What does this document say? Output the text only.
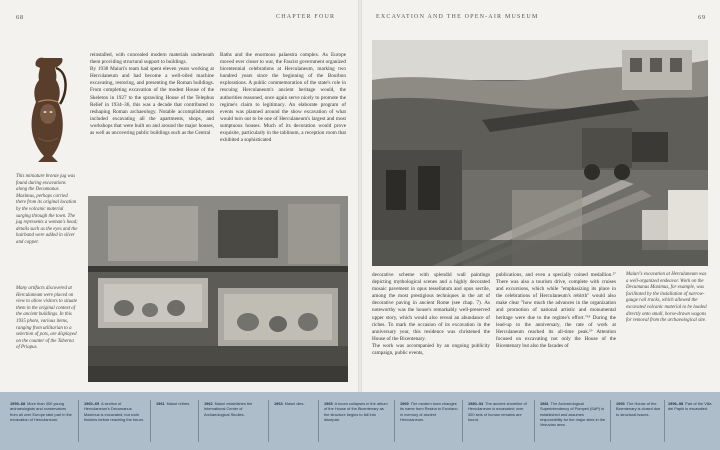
68	CHAPTER FOUR
This miniature bronze jug was found during excavations along the Decumanus Maximus, perhaps carried there from its original location by the volcanic material surging through the town. The jug represents a woman's head; details such as the eyes and the hairband were added in silver and copper.
reinstalled, with concealed modern materials underneath them providing structural support to buildings.
By 1938 Maiuri's team had spent eleven years working at Herculaneum and had become a well-oiled machine excavating, restoring, and presenting the Roman buildings. From completing excavation of the modest House of the Skeleton in 1927 to the sprawling House of the Telephus Relief in 1934–36, this was a decade that contributed to reshaping Roman archaeology. Notable accomplishments included excavating all the apartments, shops, and workshops that were built on and around the major houses, as well as uncovering public buildings such as the Central
Baths and the enormous palaestra complex. As Europe moved ever closer to war, the Fascist government organized bicentennial celebrations at Herculaneum, marking two hundred years since the beginning of the Bourbon explorations. A public commemoration of the state's role in rescuing Herculaneum's ancient heritage would, the authorities reasoned, once again serve nicely to promote the regime's claim to legitimacy. An elaborate program of events was planned around the show excavation of what would turn out to be one of Herculaneum's largest and most sumptuous houses. Much of its decoration would prove exquisite, particularly in the tablinum, a reception room that exhibited a sophisticated
Many artifacts discovered at Herculaneum were placed on view to allow visitors to situate them in the original context of the ancient buildings. In this 1935 photo, various items, ranging from utilitarian to a selection of pots, are displayed on the counter of the Taberna of Priapus.
EXCAVATION AND THE OPEN-AIR MUSEUM	69
decorative scheme with splendid wall paintings depicting mythological scenes and a highly decorated mosaic pavement in opus tessellatum and opus sectile, among the most prestigious techniques in the art of decorative paving in ancient Rome (see chap. 7). As noteworthy was the house's remarkably well-preserved upper story, which would also reveal an abundance of riches. To mark the occasion of its excavation in the anniversary year, this residence was christened the House of the Bicentenary.
The work was accompanied by an ongoing publicity campaign, public events,
publications, and even a specially coined medallion.¹⁷ There was also a tourism drive, complete with cruises and excursions, which while "emphasizing its place in the celebrations of Herculaneum's rebirth" would also make clear "how much the advances in the organization and promotion of national artistic and monumental heritage were due to the regime's effort."¹⁸ During the lead-up to the anniversary, the rate of work at Herculaneum reached its all-time peak.¹⁹ Attention focused on excavating not only the House of the Bicentenary but also the facades of
Maiuri's excavation at Herculaneum was a well-organized endeavor. Work on the Decumanus Maximus, for example, was facilitated by the installation of narrow-gauge rail tracks, which allowed the excavated volcanic material to be loaded directly onto small, horse-drawn wagons for removal from the archaeological site.
1959–68 More than 300 young archaeologists and conservators from all over Europe take part in the excavation of Herculaneum.
1960–69 A section of Herculaneum's Decumanus Maximus is excavated, but work finishes before reaching the forum.
1961 Maiuri retires.	1962 Maiuri establishes the International Center of Archaeological Studies.
1963 Maiuri dies.	1965 A boom collapses in the atrium of the House of the Bicentenary as the structure begins to fall into disrepair.
1969 The modern town changes its name from Resina to Ercolano in memory of ancient Herculaneum.
1980–94 The ancient shoreline of Herculaneum is excavated; over 300 sets of human remains are found.
1981 The Archaeological Superintendency of Pompeii (SAP) is established and assumes responsibility for the major sites in the Vesuvian area.
1993 The House of the Bicentenary is closed due to structural issues.
1996–98 Part of the Villa dei Papiri is excavated.
